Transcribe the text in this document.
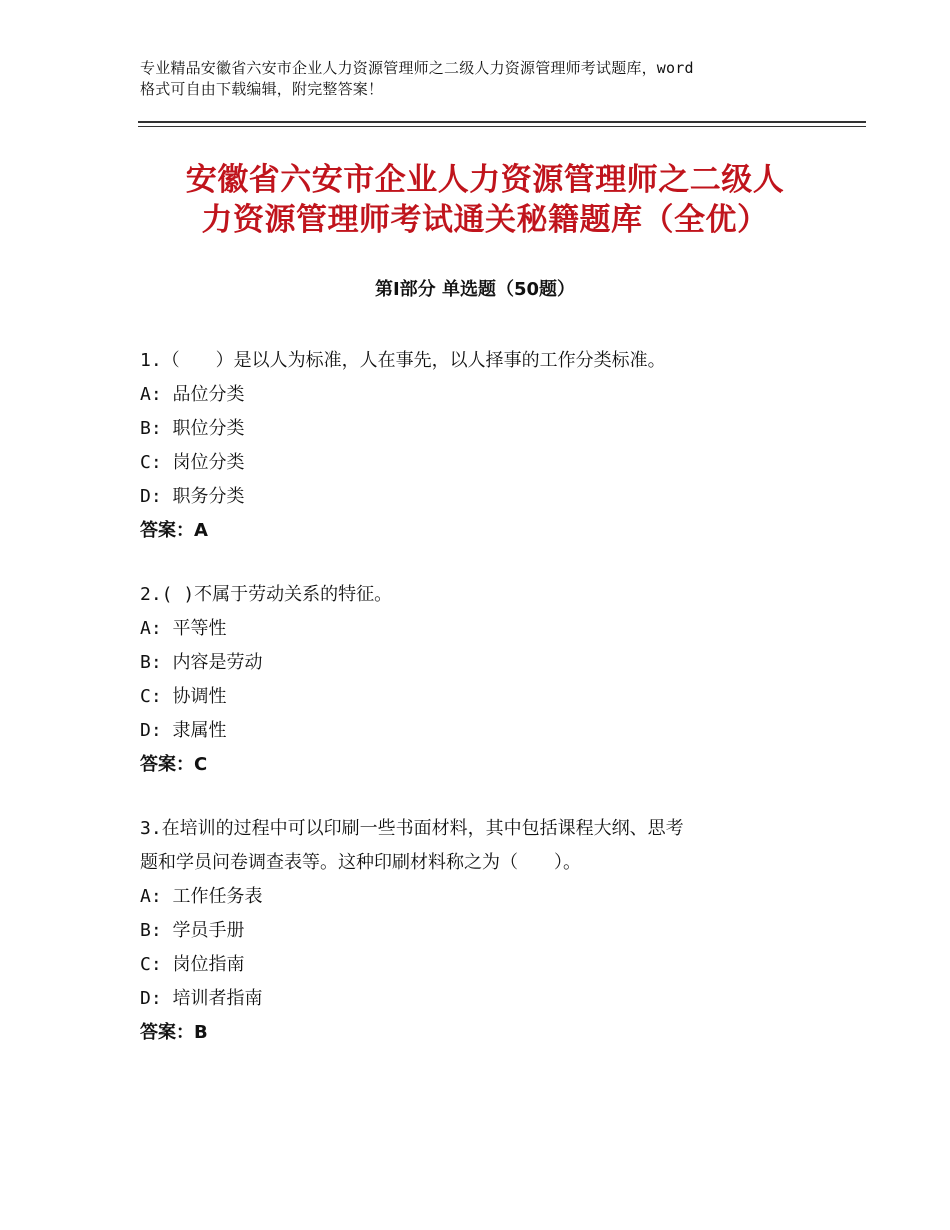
专业精品安徽省六安市企业人力资源管理师之二级人力资源管理师考试题库，word
格式可自由下载编辑，附完整答案！
安徽省六安市企业人力资源管理师之二级人
力资源管理师考试通关秘籍题库（全优）
第Ⅰ部分 单选题（50题）
1.（　　）是以人为标准，人在事先，以人择事的工作分类标准。
A: 品位分类
B: 职位分类
C: 岗位分类
D: 职务分类
答案：A
2.( )不属于劳动关系的特征。
A: 平等性
B: 内容是劳动
C: 协调性
D: 隶属性
答案：C
3.在培训的过程中可以印刷一些书面材料，其中包括课程大纲、思考
题和学员问卷调查表等。这种印刷材料称之为（　　）。
A: 工作任务表
B: 学员手册
C: 岗位指南
D: 培训者指南
答案：B
